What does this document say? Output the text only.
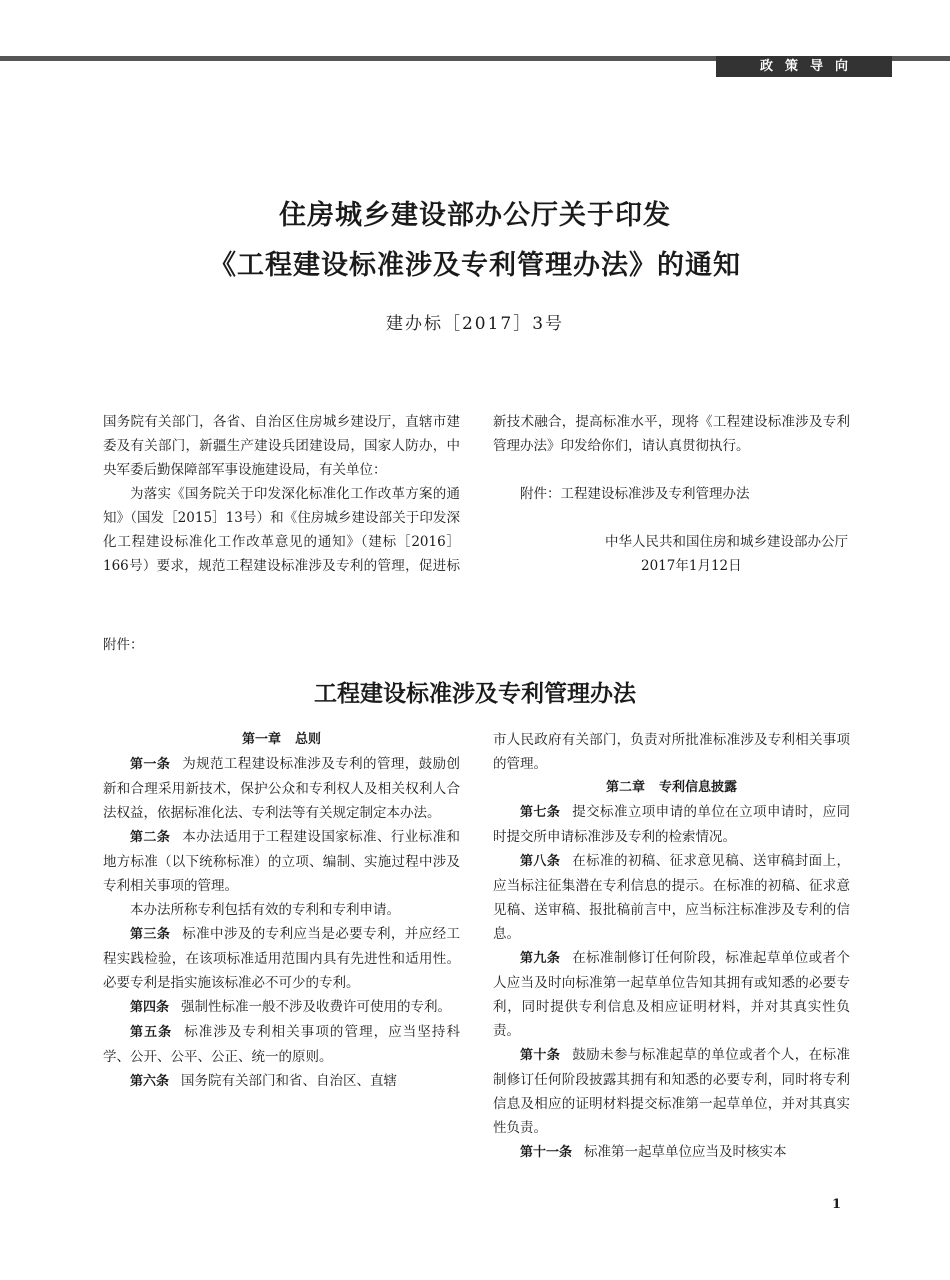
政策导向
住房城乡建设部办公厅关于印发
《工程建设标准涉及专利管理办法》的通知
建办标［2017］3号

国务院有关部门，各省、自治区住房城乡建设厅，直辖市建委及有关部门，新疆生产建设兵团建设局，国家人防办，中央军委后勤保障部军事设施建设局，有关单位：

为落实《国务院关于印发深化标准化工作改革方案的通知》（国发［2015］13号）和《住房城乡建设部关于印发深化工程建设标准化工作改革意见的通知》（建标［2016］166号）要求，规范工程建设标准涉及专利的管理，促进标

新技术融合，提高标准水平，现将《工程建设标准涉及专利管理办法》印发给你们，请认真贯彻执行。

附件：工程建设标准涉及专利管理办法

中华人民共和国住房和城乡建设部办公厅

2017年1月12日

附件：
工程建设标准涉及专利管理办法
第一章 总则

第一条 为规范工程建设标准涉及专利的管理，鼓励创新和合理采用新技术，保护公众和专利权人及相关权利人合法权益，依据标准化法、专利法等有关规定制定本办法。

第二条 本办法适用于工程建设国家标准、行业标准和地方标准（以下统称标准）的立项、编制、实施过程中涉及专利相关事项的管理。

本办法所称专利包括有效的专利和专利申请。

第三条 标准中涉及的专利应当是必要专利，并应经工程实践检验，在该项标准适用范围内具有先进性和适用性。必要专利是指实施该标准必不可少的专利。

第四条 强制性标准一般不涉及收费许可使用的专利。

第五条 标准涉及专利相关事项的管理，应当坚持科学、公开、公平、公正、统一的原则。

第六条 国务院有关部门和省、自治区、直辖

市人民政府有关部门，负责对所批准标准涉及专利相关事项的管理。

第二章 专利信息披露

第七条 提交标准立项申请的单位在立项申请时，应同时提交所申请标准涉及专利的检索情况。

第八条 在标准的初稿、征求意见稿、送审稿封面上，应当标注征集潜在专利信息的提示。在标准的初稿、征求意见稿、送审稿、报批稿前言中，应当标注标准涉及专利的信息。

第九条 在标准制修订任何阶段，标准起草单位或者个人应当及时向标准第一起草单位告知其拥有或知悉的必要专利，同时提供专利信息及相应证明材料，并对其真实性负责。

第十条 鼓励未参与标准起草的单位或者个人，在标准制修订任何阶段披露其拥有和知悉的必要专利，同时将专利信息及相应的证明材料提交标准第一起草单位，并对其真实性负责。

第十一条 标准第一起草单位应当及时核实本

1
